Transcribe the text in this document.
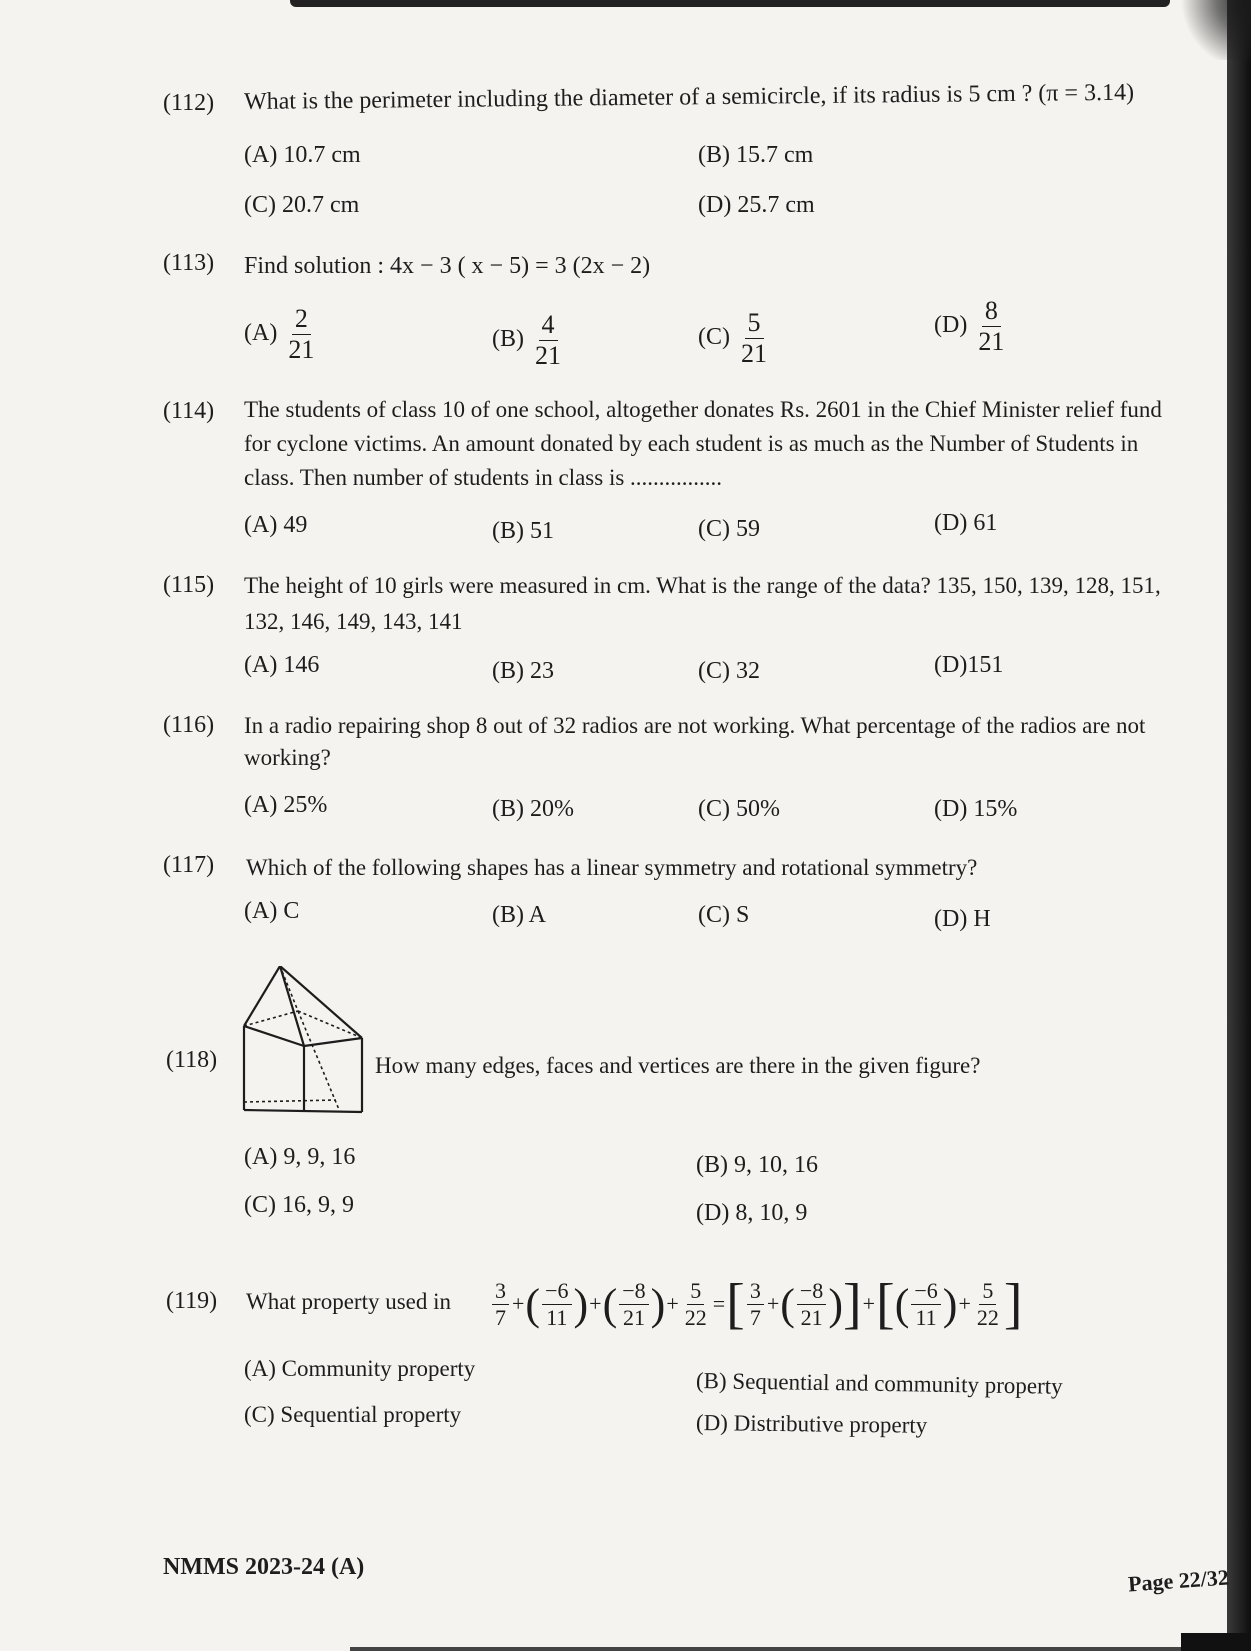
(112) What is the perimeter including the diameter of a semicircle, if its radius is 5 cm ? (π = 3.14)
(A) 10.7 cm	(B) 15.7 cm
(C) 20.7 cm	(D) 25.7 cm
(113) Find solution : 4x − 3 ( x − 5) = 3 (2x − 2)
$(A) \frac{2}{21}$	$(B) \frac{4}{21}$	$(C) \frac{5}{21}$	$(D) \frac{8}{21}$
(114) The students of class 10 of one school, altogether donates Rs. 2601 in the Chief Minister relief fund
for cyclone victims. An amount donated by each student is as much as the Number of Students in
class. Then number of students in class is ................
(A) 49	(B) 51	(C) 59	(D) 61
(115) The height of 10 girls were measured in cm. What is the range of the data? 135, 150, 139, 128, 151,
132, 146, 149, 143, 141
(A) 146	(B) 23	(C) 32	(D)151
(116) In a radio repairing shop 8 out of 32 radios are not working. What percentage of the radios are not
working?
(A) 25%	(B) 20%	(C) 50%	(D) 15%
(117) Which of the following shapes has a linear symmetry and rotational symmetry?
(A) C	(B) A	(C) S	(D) H
(118)	How many edges, faces and vertices are there in the given figure?
(A) 9, 9, 16	(B) 9, 10, 16
(C) 16, 9, 9	(D) 8, 10, 9
(119) What property used in $\frac{3}{7}$ + ( $\frac{-6}{11}$ ) + ( $\frac{-8}{21}$ ) + $\frac{5}{22}$ = [ $\frac{3}{7}$ + ( $\frac{-8}{21}$ ) ] + [ ( $\frac{-6}{11}$ ) + $\frac{5}{22}$ ]
(A) Community property	(B) Sequential and community property
(C) Sequential property	(D) Distributive property
NMMS 2023-24 (A)	Page 22/32
